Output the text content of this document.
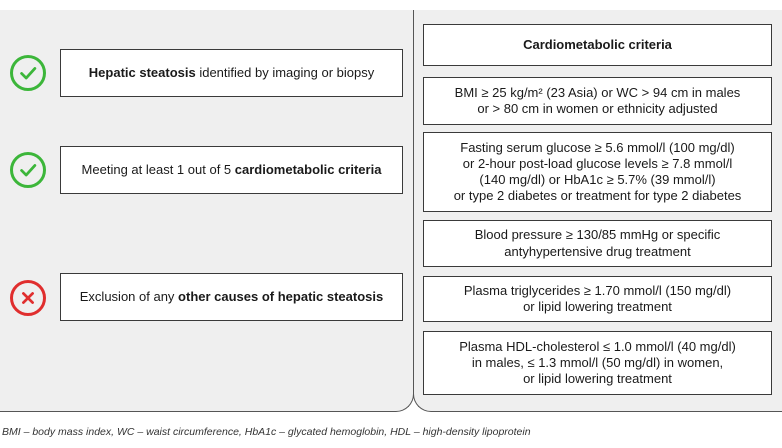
Hepatic steatosis identified by imaging or biopsy
Meeting at least 1 out of 5 cardiometabolic criteria
Exclusion of any other causes of hepatic steatosis
Cardiometabolic criteria
BMI ≥ 25 kg/m² (23 Asia) or WC > 94 cm in males
or > 80 cm in women or ethnicity adjusted
Fasting serum glucose ≥ 5.6 mmol/l (100 mg/dl)
or 2-hour post-load glucose levels ≥ 7.8 mmol/l
(140 mg/dl) or HbA1c ≥ 5.7% (39 mmol/l)
or type 2 diabetes or treatment for type 2 diabetes
Blood pressure ≥ 130/85 mmHg or specific
antyhypertensive drug treatment
Plasma triglycerides ≥ 1.70 mmol/l (150 mg/dl)
or lipid lowering treatment
Plasma HDL-cholesterol ≤ 1.0 mmol/l (40 mg/dl)
in males, ≤ 1.3 mmol/l (50 mg/dl) in women,
or lipid lowering treatment
BMI – body mass index, WC – waist circumference, HbA1c – glycated hemoglobin, HDL – high-density lipoprotein
